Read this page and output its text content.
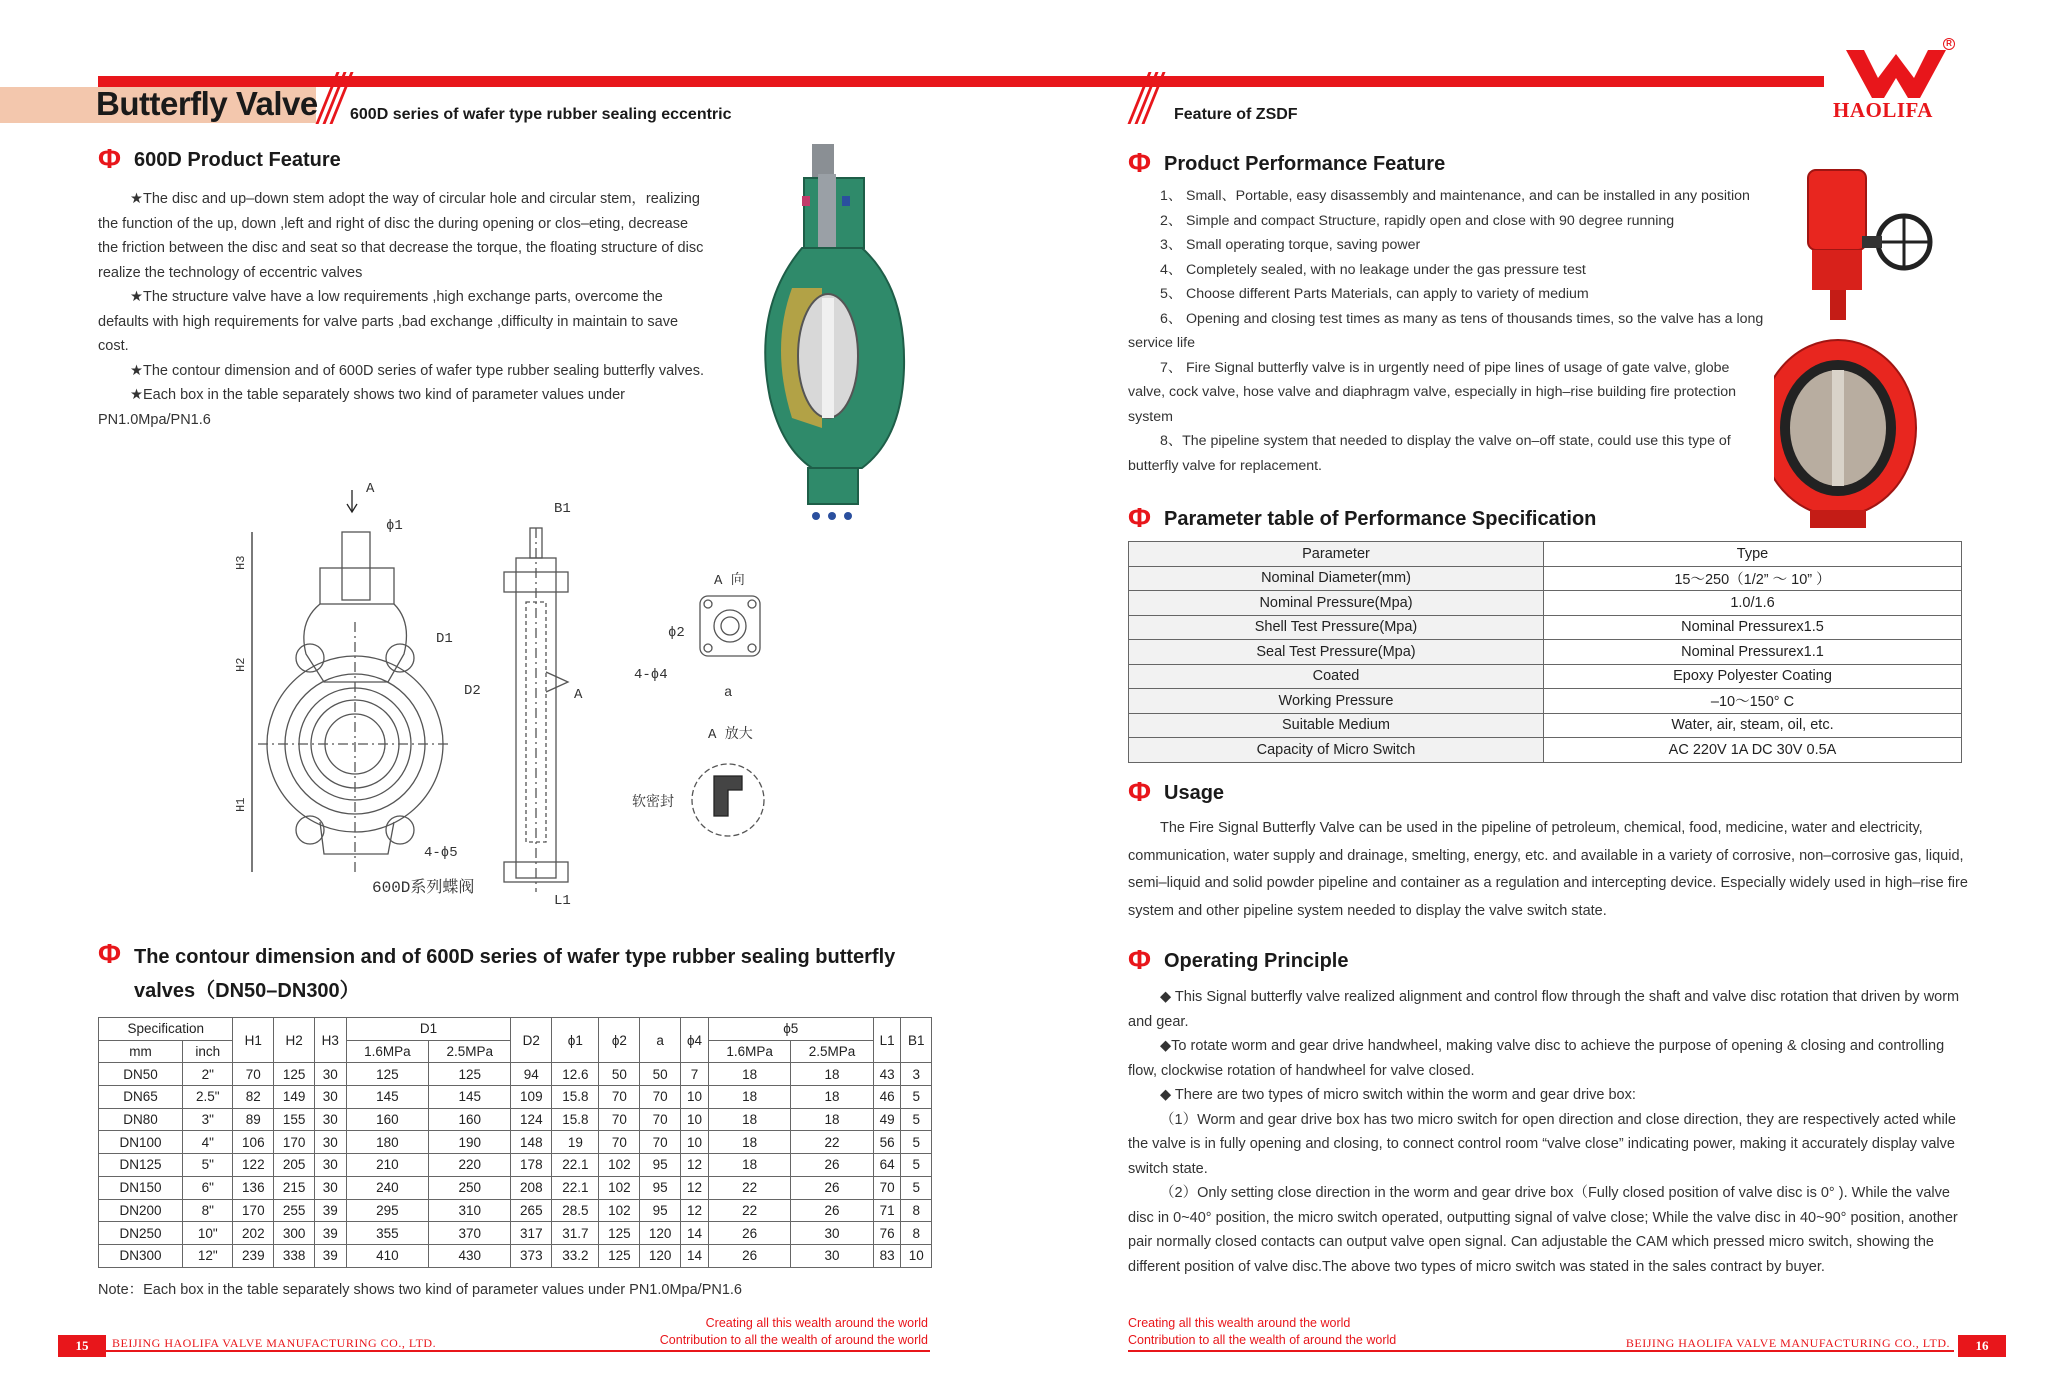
Butterfly Valve 600D series of wafer type rubber sealing eccentric	Feature of ZSDF
R
HAOLIFA
Φ 600D Product Feature

★The disc and up–down stem adopt the way of circular hole and circular stem，realizing the function of the up, down ,left and right of disc the during opening or clos–eting, decrease the friction between the disc and seat so that decrease the torque, the floating structure of disc realize the technology of eccentric valves

★The structure valve have a low requirements ,high exchange parts, overcome the defaults with high requirements for valve parts ,bad exchange ,difficulty in maintain to save cost.

★The contour dimension and of 600D series of wafer type rubber sealing butterfly valves.

★Each box in the table separately shows two kind of parameter values under PN1.0Mpa/PN1.6

A
ϕ1
H3
H2
H1
D1
D2
4-ϕ5
600D系列蝶阀
B1
A
L1
A 向
ϕ2
4-ϕ4
a
A 放大
软密封
Φ The contour dimension and of 600D series of wafer type rubber sealing butterfly
valves（DN50–DN300）
Specification		H1	H2	H3	D1		D2	ϕ1	ϕ2	a	ϕ4	ϕ5		L1	B1
mm	inch				1.6MPa	2.5MPa						1.6MPa	2.5MPa		
DN50	2"	70	125	30	125	125	94	12.6	50	50	7	18	18	43	3
DN65	2.5"	82	149	30	145	145	109	15.8	70	70	10	18	18	46	5
DN80	3"	89	155	30	160	160	124	15.8	70	70	10	18	18	49	5
DN100	4"	106	170	30	180	190	148	19	70	70	10	18	22	56	5
DN125	5"	122	205	30	210	220	178	22.1	102	95	12	18	26	64	5
DN150	6"	136	215	30	240	250	208	22.1	102	95	12	22	26	70	5
DN200	8"	170	255	39	295	310	265	28.5	102	95	12	22	26	71	8
DN250	10"	202	300	39	355	370	317	31.7	125	120	14	26	30	76	8
DN300	12"	239	338	39	410	430	373	33.2	125	120	14	26	30	83	10
Note：Each box in the table separately shows two kind of parameter values under PN1.0Mpa/PN1.6
Creating all this wealth around the world
Contribution to all the wealth of around the world
15	BEIJING HAOLIFA VALVE MANUFACTURING CO., LTD.
Φ Product Performance Feature

1、 Small、Portable, easy disassembly and maintenance, and can be installed in any position

2、 Simple and compact Structure, rapidly open and close with 90 degree running

3、 Small operating torque, saving power

4、 Completely sealed, with no leakage under the gas pressure test

5、 Choose different Parts Materials, can apply to variety of medium

6、 Opening and closing test times as many as tens of thousands times, so the valve has a long service life

7、 Fire Signal butterfly valve is in urgently need of pipe lines of usage of gate valve, globe valve, cock valve, hose valve and diaphragm valve, especially in high–rise building fire protection system

8、The pipeline system that needed to display the valve on–off state, could use this type of butterfly valve for replacement.

Φ Parameter table of Performance Specification
Parameter	Type
Nominal Diameter(mm)	15～250（1/2” ～ 10” ）
Nominal Pressure(Mpa)	1.0/1.6
Shell Test Pressure(Mpa)	Nominal Pressurex1.5
Seal Test Pressure(Mpa)	Nominal Pressurex1.1
Coated	Epoxy Polyester Coating
Working Pressure	–10～150° C
Suitable Medium	Water, air, steam, oil, etc.
Capacity of Micro Switch	AC 220V 1A DC 30V 0.5A
Φ Usage

The Fire Signal Butterfly Valve can be used in the pipeline of petroleum, chemical, food, medicine, water and electricity, communication, water supply and drainage, smelting, energy, etc. and available in a variety of corrosive, non–corrosive gas, liquid, semi–liquid and solid powder pipeline and container as a regulation and intercepting device. Especially widely used in high–rise fire system and other pipeline system needed to display the valve switch state.

Φ Operating Principle

◆ This Signal butterfly valve realized alignment and control flow through the shaft and valve disc rotation that driven by worm and gear.

◆To rotate worm and gear drive handwheel, making valve disc to achieve the purpose of opening & closing and controlling flow, clockwise rotation of handwheel for valve closed.

◆ There are two types of micro switch within the worm and gear drive box:

（1）Worm and gear drive box has two micro switch for open direction and close direction, they are respectively acted while the valve is in fully opening and closing, to connect control room “valve close” indicating power, making it accurately display valve switch state.

（2）Only setting close direction in the worm and gear drive box（Fully closed position of valve disc is 0° ). While the valve disc in 0~40° position, the micro switch operated, outputting signal of valve close; While the valve disc in 40~90° position, another pair normally closed contacts can output valve open signal. Can adjustable the CAM which pressed micro switch, showing the different position of valve disc.The above two types of micro switch was stated in the sales contract by buyer.

Creating all this wealth around the world
Contribution to all the wealth of around the world	BEIJING HAOLIFA VALVE MANUFACTURING CO., LTD.	16
